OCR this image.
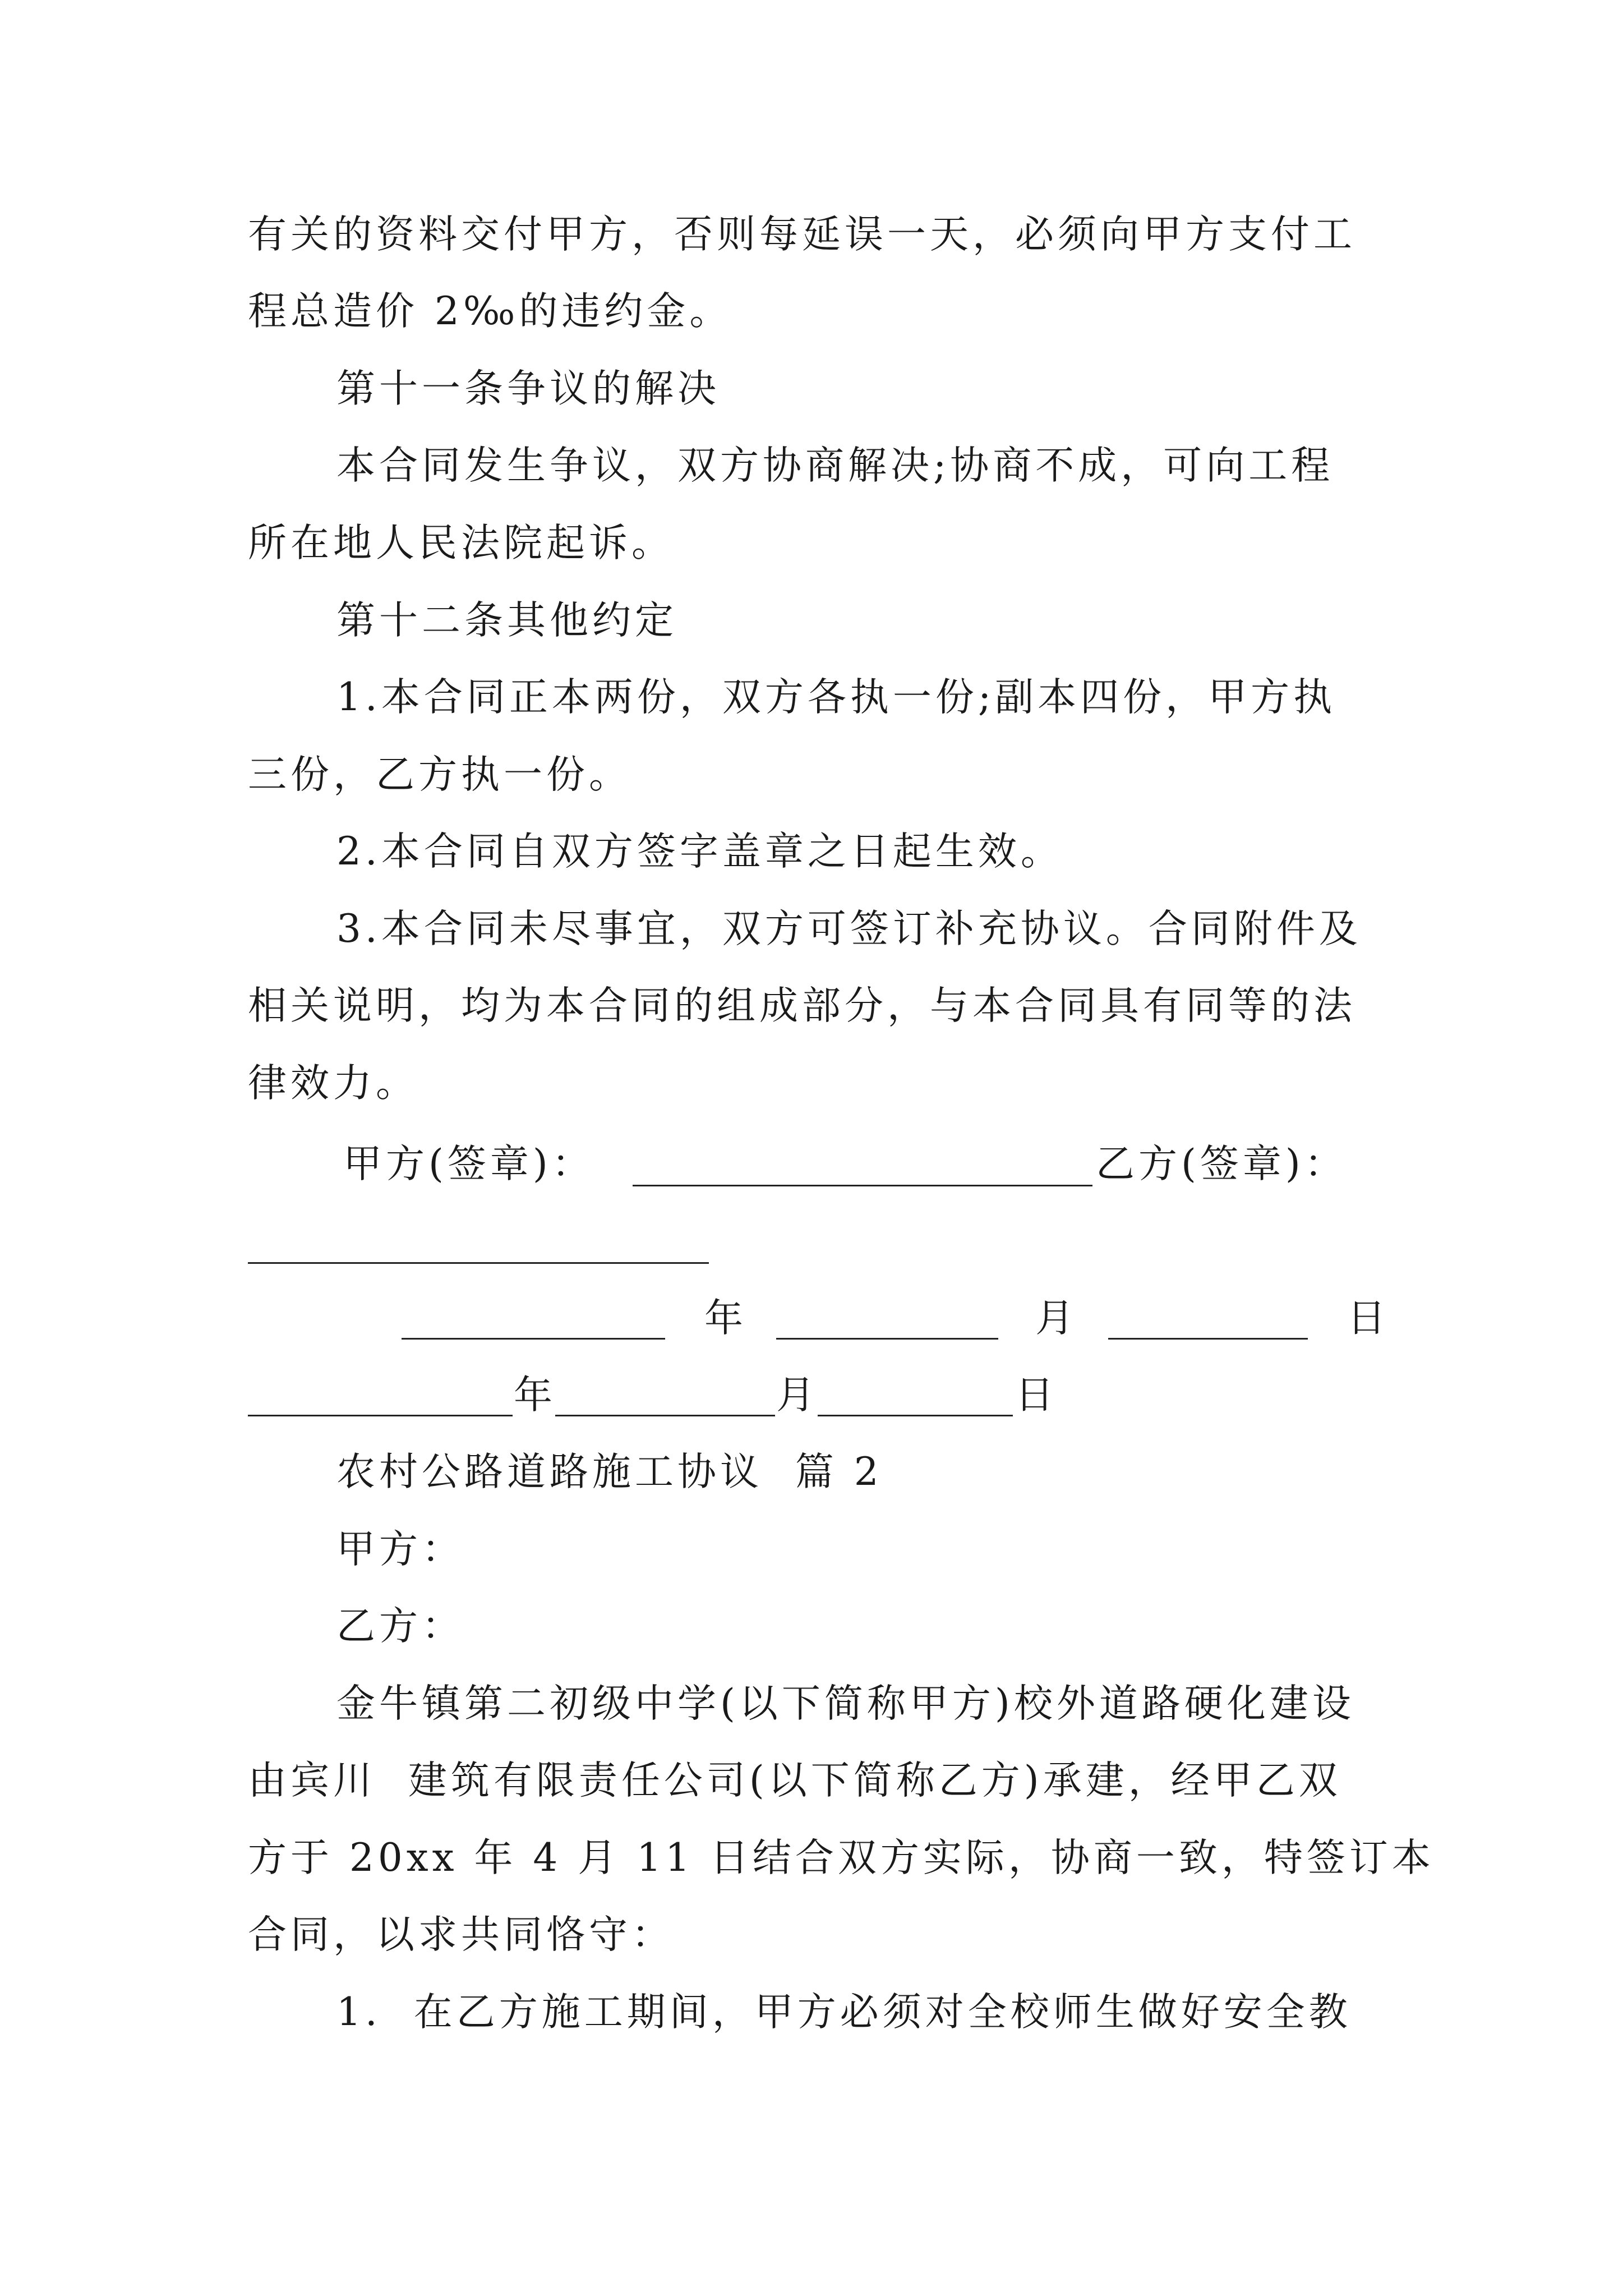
有关的资料交付甲方，否则每延误一天，必须向甲方支付工
程总造价 2‰的违约金。
第十一条争议的解决
本合同发生争议，双方协商解决;协商不成，可向工程
所在地人民法院起诉。
第十二条其他约定
1.本合同正本两份，双方各执一份;副本四份，甲方执
三份，乙方执一份。
2.本合同自双方签字盖章之日起生效。
3.本合同未尽事宜，双方可签订补充协议。合同附件及
相关说明，均为本合同的组成部分，与本合同具有同等的法
律效力。
甲方(签章)：	乙方(签章)：
年	月	日
年	月	日
农村公路道路施工协议  篇 2
甲方：
乙方：
金牛镇第二初级中学(以下简称甲方)校外道路硬化建设
由宾川  建筑有限责任公司(以下简称乙方)承建，经甲乙双
方于 20xx 年 4 月 11 日结合双方实际，协商一致，特签订本
合同，以求共同恪守：
1.  在乙方施工期间，甲方必须对全校师生做好安全教
